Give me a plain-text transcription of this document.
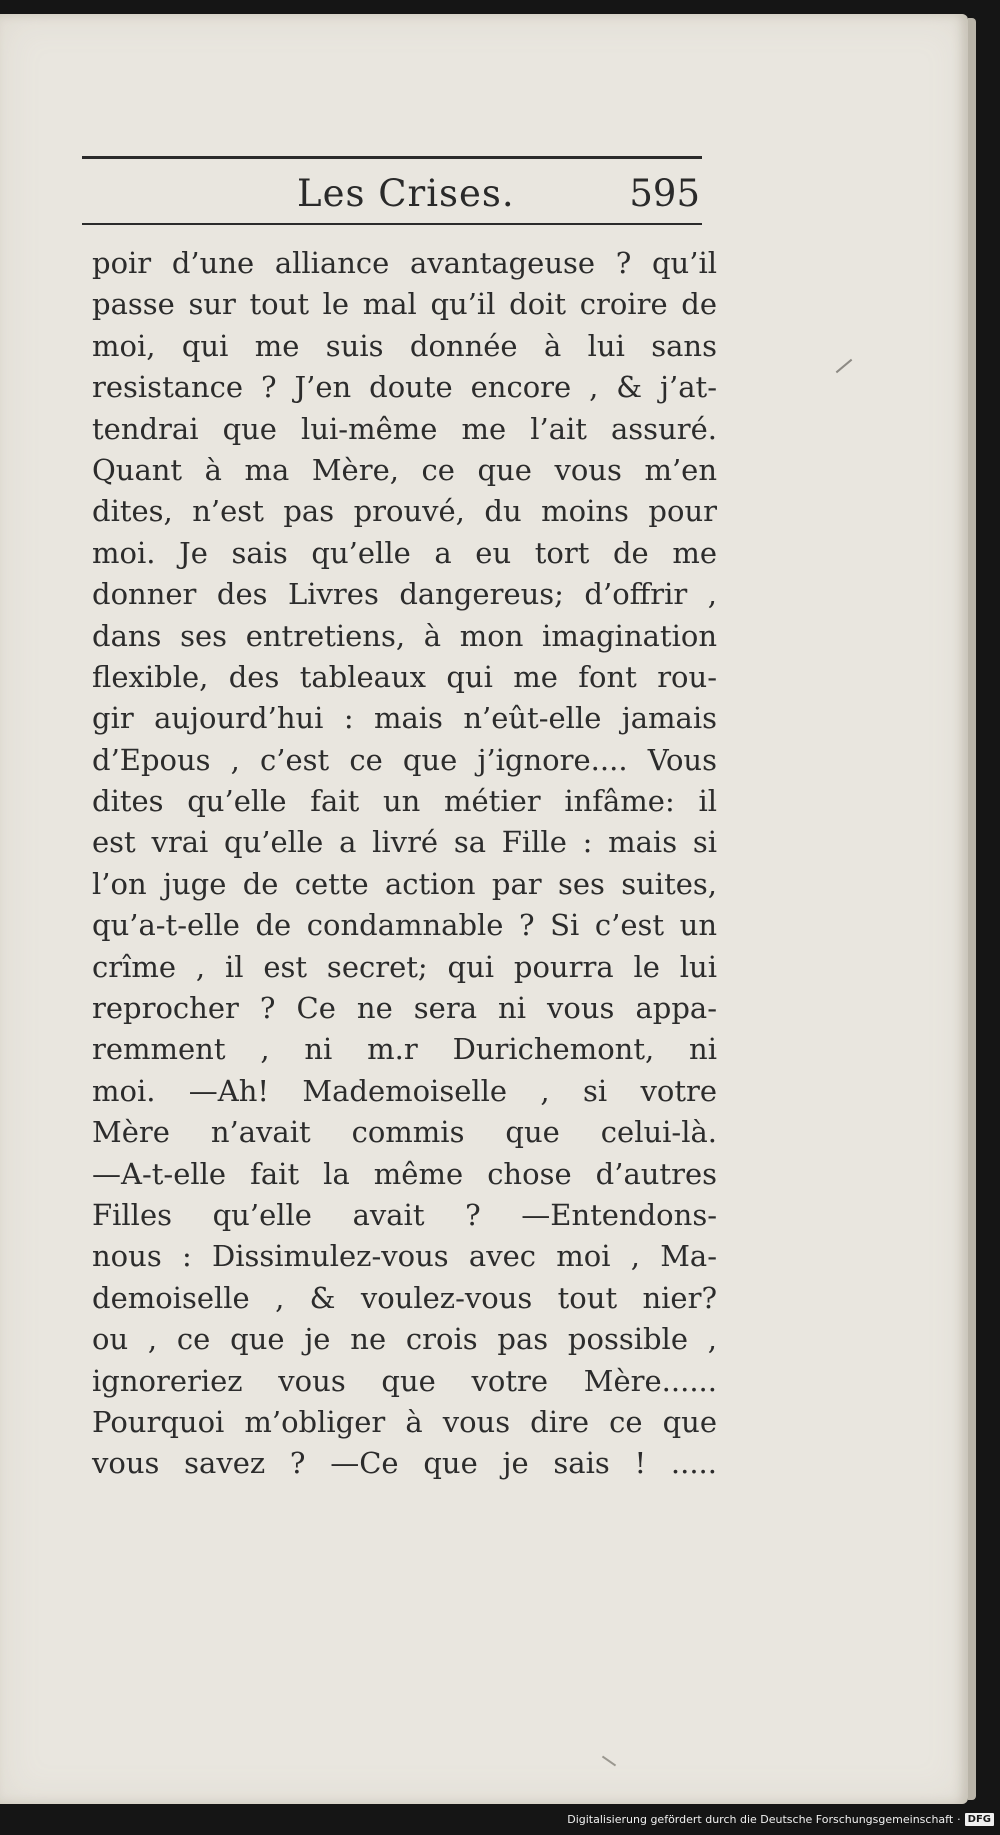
Les Crises.	595
poir d’une alliance avantageuse ? qu’il
passe sur tout le mal qu’il doit croire de
moi, qui me suis donnée à lui sans
resistance ? J’en doute encore , & j’at-
tendrai que lui-même me l’ait assuré.
Quant à ma Mère, ce que vous m’en
dites, n’est pas prouvé, du moins pour
moi. Je sais qu’elle a eu tort de me
donner des Livres dangereus; d’offrir ,
dans ses entretiens, à mon imagination
flexible, des tableaux qui me font rou-
gir aujourd’hui : mais n’eût-elle jamais
d’Epous , c’est ce que j’ignore.... Vous
dites qu’elle fait un métier infâme: il
est vrai qu’elle a livré sa Fille : mais si
l’on juge de cette action par ses suites,
qu’a-t-elle de condamnable ? Si c’est un
crîme , il est secret; qui pourra le lui
reprocher ? Ce ne sera ni vous appa-
remment , ni m.r Durichemont, ni
moi. —Ah! Mademoiselle , si votre
Mère n’avait commis que celui-là.
—A-t-elle fait la même chose d’autres
Filles qu’elle avait ? —Entendons-
nous : Dissimulez-vous avec moi , Ma-
demoiselle , & voulez-vous tout nier?
ou , ce que je ne crois pas possible ,
ignoreriez vous que votre Mère......
Pourquoi m’obliger à vous dire ce que
vous savez ? —Ce que je sais ! .....
Digitalisierung gefördert durch die Deutsche Forschungsgemeinschaft · DFG
